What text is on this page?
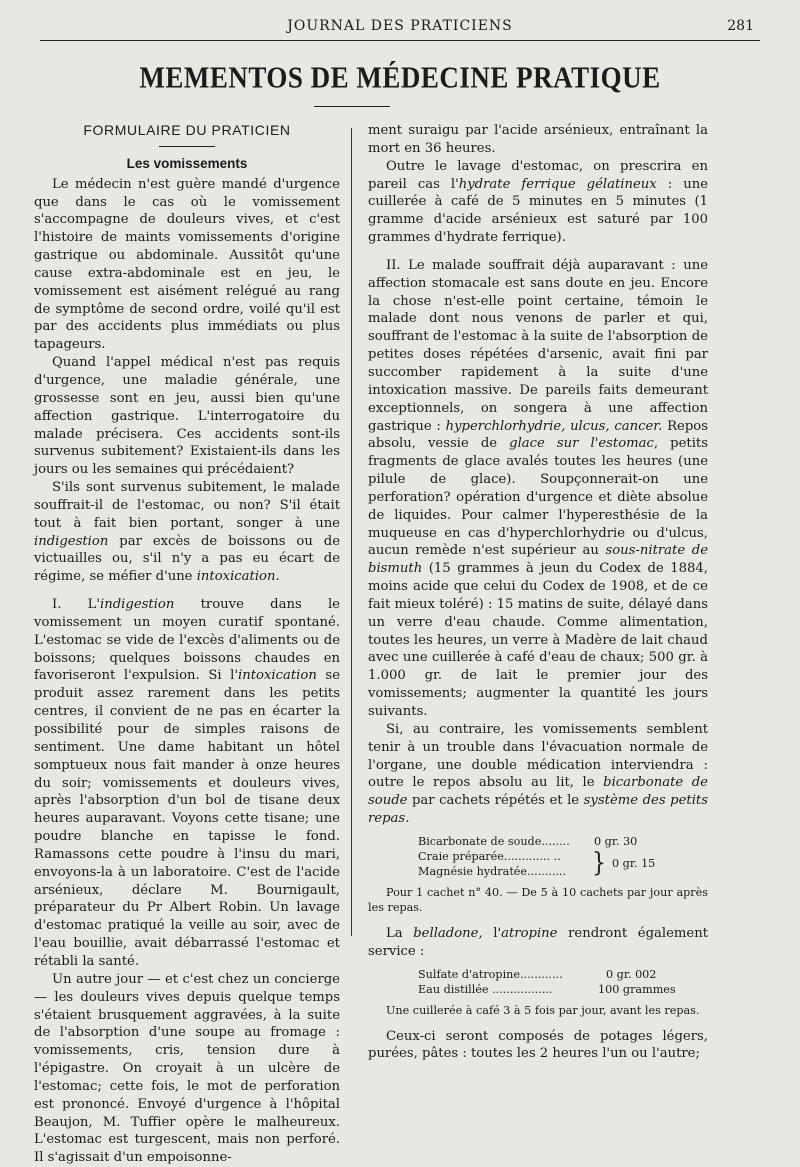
JOURNAL DES PRATICIENS	281
MEMENTOS DE MÉDECINE PRATIQUE
FORMULAIRE DU PRATICIEN
Les vomissements

Le médecin n'est guère mandé d'urgence que dans le cas où le vomissement s'accompagne de douleurs vives, et c'est l'histoire de maints vomissements d'origine gastrique ou abdominale. Aussitôt qu'une cause extra-abdominale est en jeu, le vomissement est aisément relégué au rang de symptôme de second ordre, voilé qu'il est par des accidents plus immédiats ou plus tapageurs.

Quand l'appel médical n'est pas requis d'urgence, une maladie générale, une grossesse sont en jeu, aussi bien qu'une affection gastrique. L'interrogatoire du malade précisera. Ces accidents sont-ils survenus subitement? Existaient-ils dans les jours ou les semaines qui précédaient?

S'ils sont survenus subitement, le malade souffrait-il de l'estomac, ou non? S'il était tout à fait bien portant, songer à une indigestion par excès de boissons ou de victuailles ou, s'il n'y a pas eu écart de régime, se méfier d'une intoxication.

I. L'indigestion trouve dans le vomissement un moyen curatif spontané. L'estomac se vide de l'excès d'aliments ou de boissons; quelques boissons chaudes en favoriseront l'expulsion. Si l'intoxication se produit assez rarement dans les petits centres, il convient de ne pas en écarter la possibilité pour de simples raisons de sentiment. Une dame habitant un hôtel somptueux nous fait mander à onze heures du soir; vomissements et douleurs vives, après l'absorption d'un bol de tisane deux heures auparavant. Voyons cette tisane; une poudre blanche en tapisse le fond. Ramassons cette poudre à l'insu du mari, envoyons-la à un laboratoire. C'est de l'acide arsénieux, déclare M. Bournigault, préparateur du Pr Albert Robin. Un lavage d'estomac pratiqué la veille au soir, avec de l'eau bouillie, avait débarrassé l'estomac et rétabli la santé.

Un autre jour — et c'est chez un concierge — les douleurs vives depuis quelque temps s'étaient brusquement aggravées, à la suite de l'absorption d'une soupe au fromage : vomissements, cris, tension dure à l'épigastre. On croyait à un ulcère de l'estomac; cette fois, le mot de perforation est prononcé. Envoyé d'urgence à l'hôpital Beaujon, M. Tuffier opère le malheureux. L'estomac est turgescent, mais non perforé. Il s'agissait d'un empoisonne-

ment suraigu par l'acide arsénieux, entraînant la mort en 36 heures.

Outre le lavage d'estomac, on prescrira en pareil cas l'hydrate ferrique gélatineux : une cuillerée à café de 5 minutes en 5 minutes (1 gramme d'acide arsénieux est saturé par 100 grammes d'hydrate ferrique).

II. Le malade souffrait déjà auparavant : une affection stomacale est sans doute en jeu. Encore la chose n'est-elle point certaine, témoin le malade dont nous venons de parler et qui, souffrant de l'estomac à la suite de l'absorption de petites doses répétées d'arsenic, avait fini par succomber rapidement à la suite d'une intoxication massive. De pareils faits demeurant exceptionnels, on songera à une affection gastrique : hyperchlorhydrie, ulcus, cancer. Repos absolu, vessie de glace sur l'estomac, petits fragments de glace avalés toutes les heures (une pilule de glace). Soupçonnerait-on une perforation? opération d'urgence et diète absolue de liquides. Pour calmer l'hyperesthésie de la muqueuse en cas d'hyperchlorhydrie ou d'ulcus, aucun remède n'est supérieur au sous-nitrate de bismuth (15 grammes à jeun du Codex de 1884, moins acide que celui du Codex de 1908, et de ce fait mieux toléré) : 15 matins de suite, délayé dans un verre d'eau chaude. Comme alimentation, toutes les heures, un verre à Madère de lait chaud avec une cuillerée à café d'eau de chaux; 500 gr. à 1.000 gr. de lait le premier jour des vomissements; augmenter la quantité les jours suivants.

Si, au contraire, les vomissements semblent tenir à un trouble dans l'évacuation normale de l'organe, une double médication interviendra : outre le repos absolu au lit, le bicarbonate de soude par cachets répétés et le système des petits repas.

Bicarbonate de soude........	0 gr. 30
Craie préparée............. ..
Magnésie hydratée...........	} 0 gr. 15

Pour 1 cachet n° 40. — De 5 à 10 cachets par jour après les repas.

La belladone, l'atropine rendront également service :

Sulfate d'atropine............	0 gr. 002
Eau distillée .................	100 grammes

Une cuillerée à café 3 à 5 fois par jour, avant les repas.

Ceux-ci seront composés de potages légers, purées, pâtes : toutes les 2 heures l'un ou l'autre;
